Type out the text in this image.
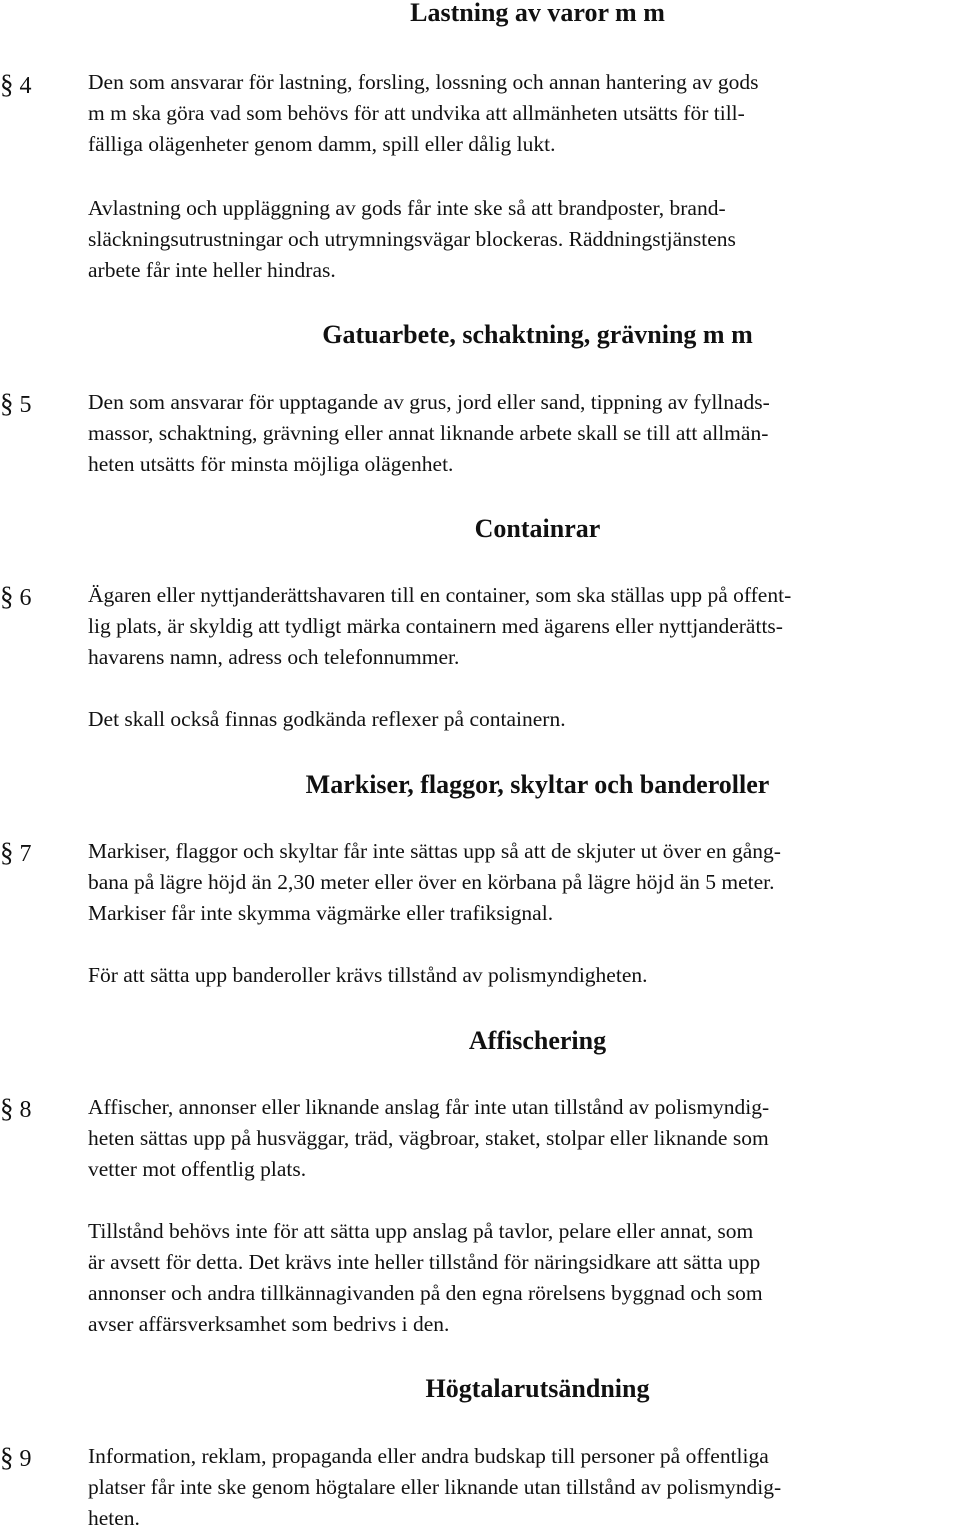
Lastning av varor m m
§ 4	Den som ansvarar för lastning, forsling, lossning och annan hantering av gods
m m ska göra vad som behövs för att undvika att allmänheten utsätts för till-
fälliga olägenheter genom damm, spill eller dålig lukt.
Avlastning och uppläggning av gods får inte ske så att brandposter, brand-
släckningsutrustningar och utrymningsvägar blockeras. Räddningstjänstens
arbete får inte heller hindras.
Gatuarbete, schaktning, grävning m m
§ 5	Den som ansvarar för upptagande av grus, jord eller sand, tippning av fyllnads-
massor, schaktning, grävning eller annat liknande arbete skall se till att allmän-
heten utsätts för minsta möjliga olägenhet.
Containrar
§ 6	Ägaren eller nyttjanderättshavaren till en container, som ska ställas upp på offent-
lig plats, är skyldig att tydligt märka containern med ägarens eller nyttjanderätts-
havarens namn, adress och telefonnummer.
Det skall också finnas godkända reflexer på containern.
Markiser, flaggor, skyltar och banderoller
§ 7	Markiser, flaggor och skyltar får inte sättas upp så att de skjuter ut över en gång-
bana på lägre höjd än 2,30 meter eller över en körbana på lägre höjd än 5 meter.
Markiser får inte skymma vägmärke eller trafiksignal.
För att sätta upp banderoller krävs tillstånd av polismyndigheten.
Affischering
§ 8	Affischer, annonser eller liknande anslag får inte utan tillstånd av polismyndig-
heten sättas upp på husväggar, träd, vägbroar, staket, stolpar eller liknande som
vetter mot offentlig plats.
Tillstånd behövs inte för att sätta upp anslag på tavlor, pelare eller annat, som
är avsett för detta. Det krävs inte heller tillstånd för näringsidkare att sätta upp
annonser och andra tillkännagivanden på den egna rörelsens byggnad och som
avser affärsverksamhet som bedrivs i den.
Högtalarutsändning
§ 9	Information, reklam, propaganda eller andra budskap till personer på offentliga
platser får inte ske genom högtalare eller liknande utan tillstånd av polismyndig-
heten.
